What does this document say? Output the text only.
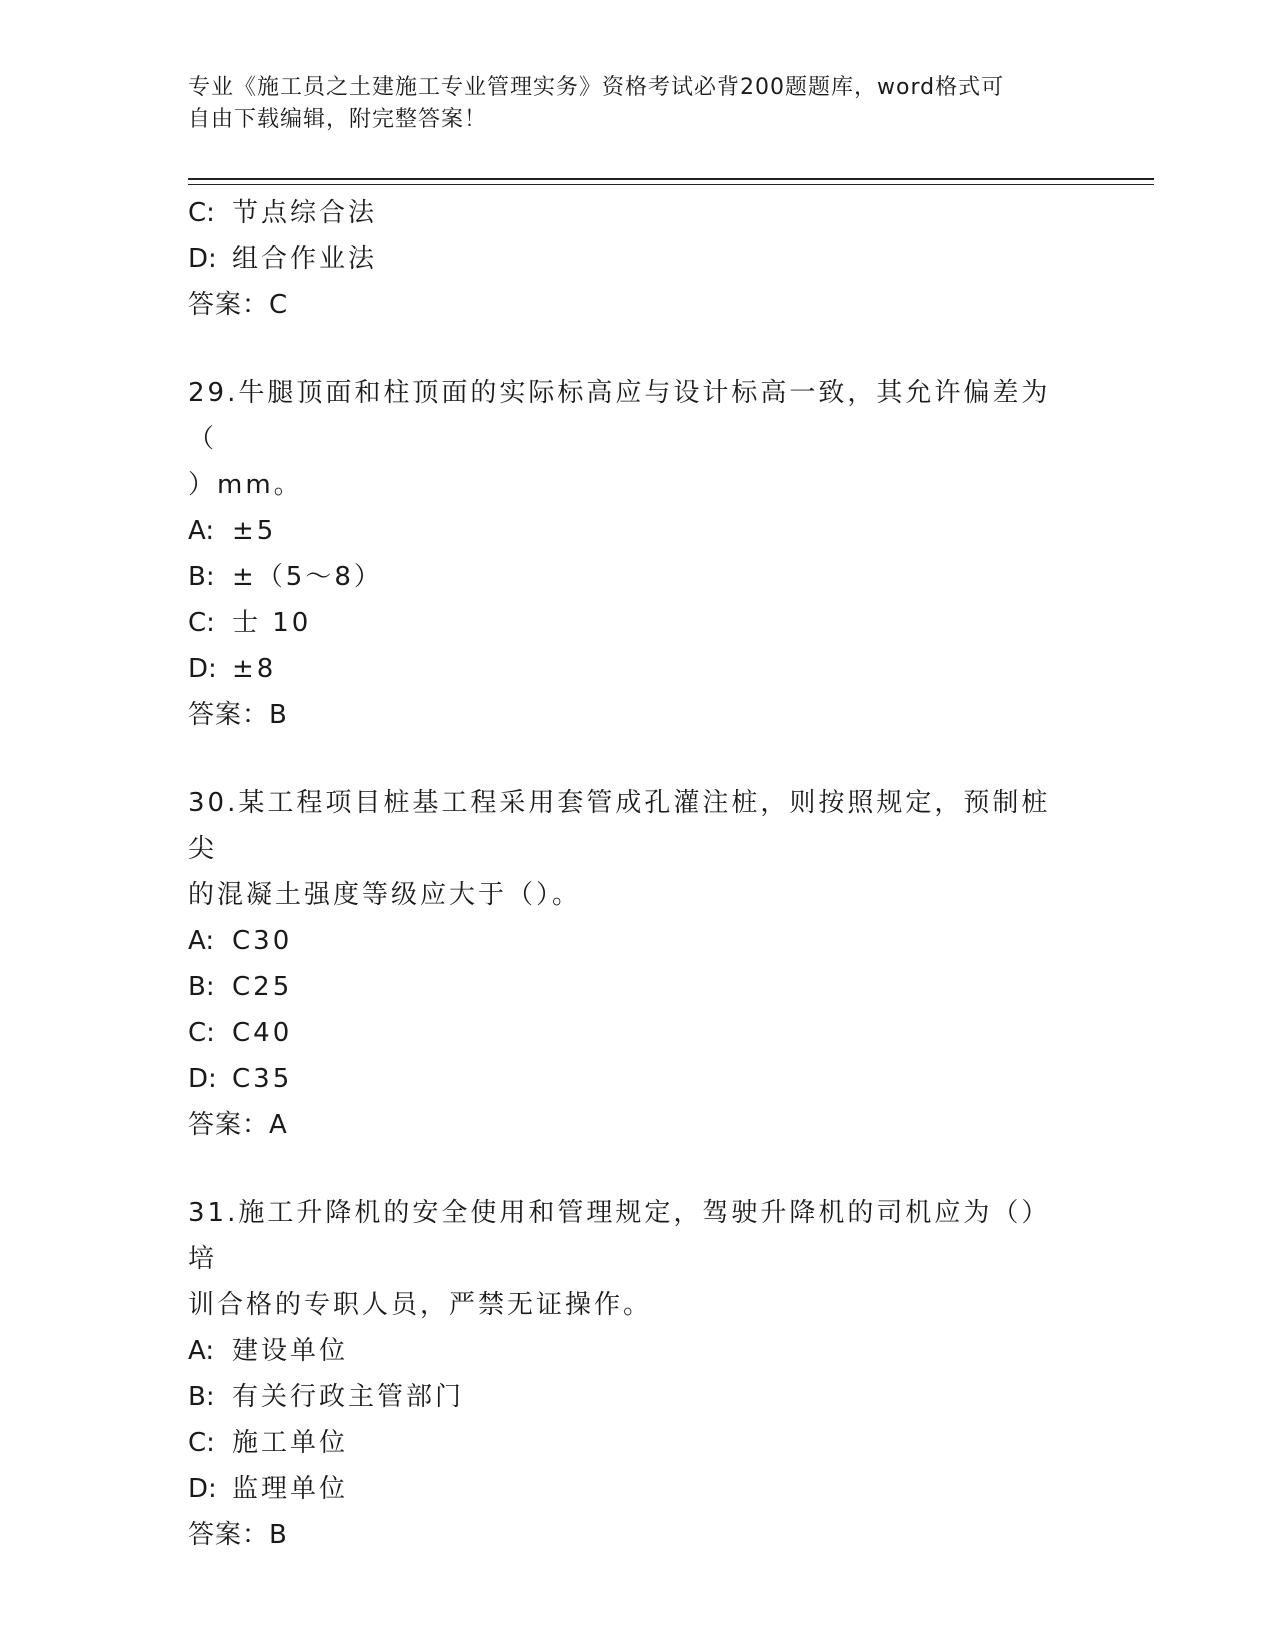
专业《施工员之土建施工专业管理实务》资格考试必背200题题库，word格式可
自由下载编辑，附完整答案！
C: 节点综合法
D: 组合作业法
答案：C
29.牛腿顶面和柱顶面的实际标高应与设计标高一致，其允许偏差为（
）mm。
A: ±5
B: ±（5～8）
C: 士 10
D: ±8
答案：B
30.某工程项目桩基工程采用套管成孔灌注桩，则按照规定，预制桩尖
的混凝土强度等级应大于（）。
A: C30
B: C25
C: C40
D: C35
答案：A
31.施工升降机的安全使用和管理规定，驾驶升降机的司机应为（）培
训合格的专职人员，严禁无证操作。
A: 建设单位
B: 有关行政主管部门
C: 施工单位
D: 监理单位
答案：B
